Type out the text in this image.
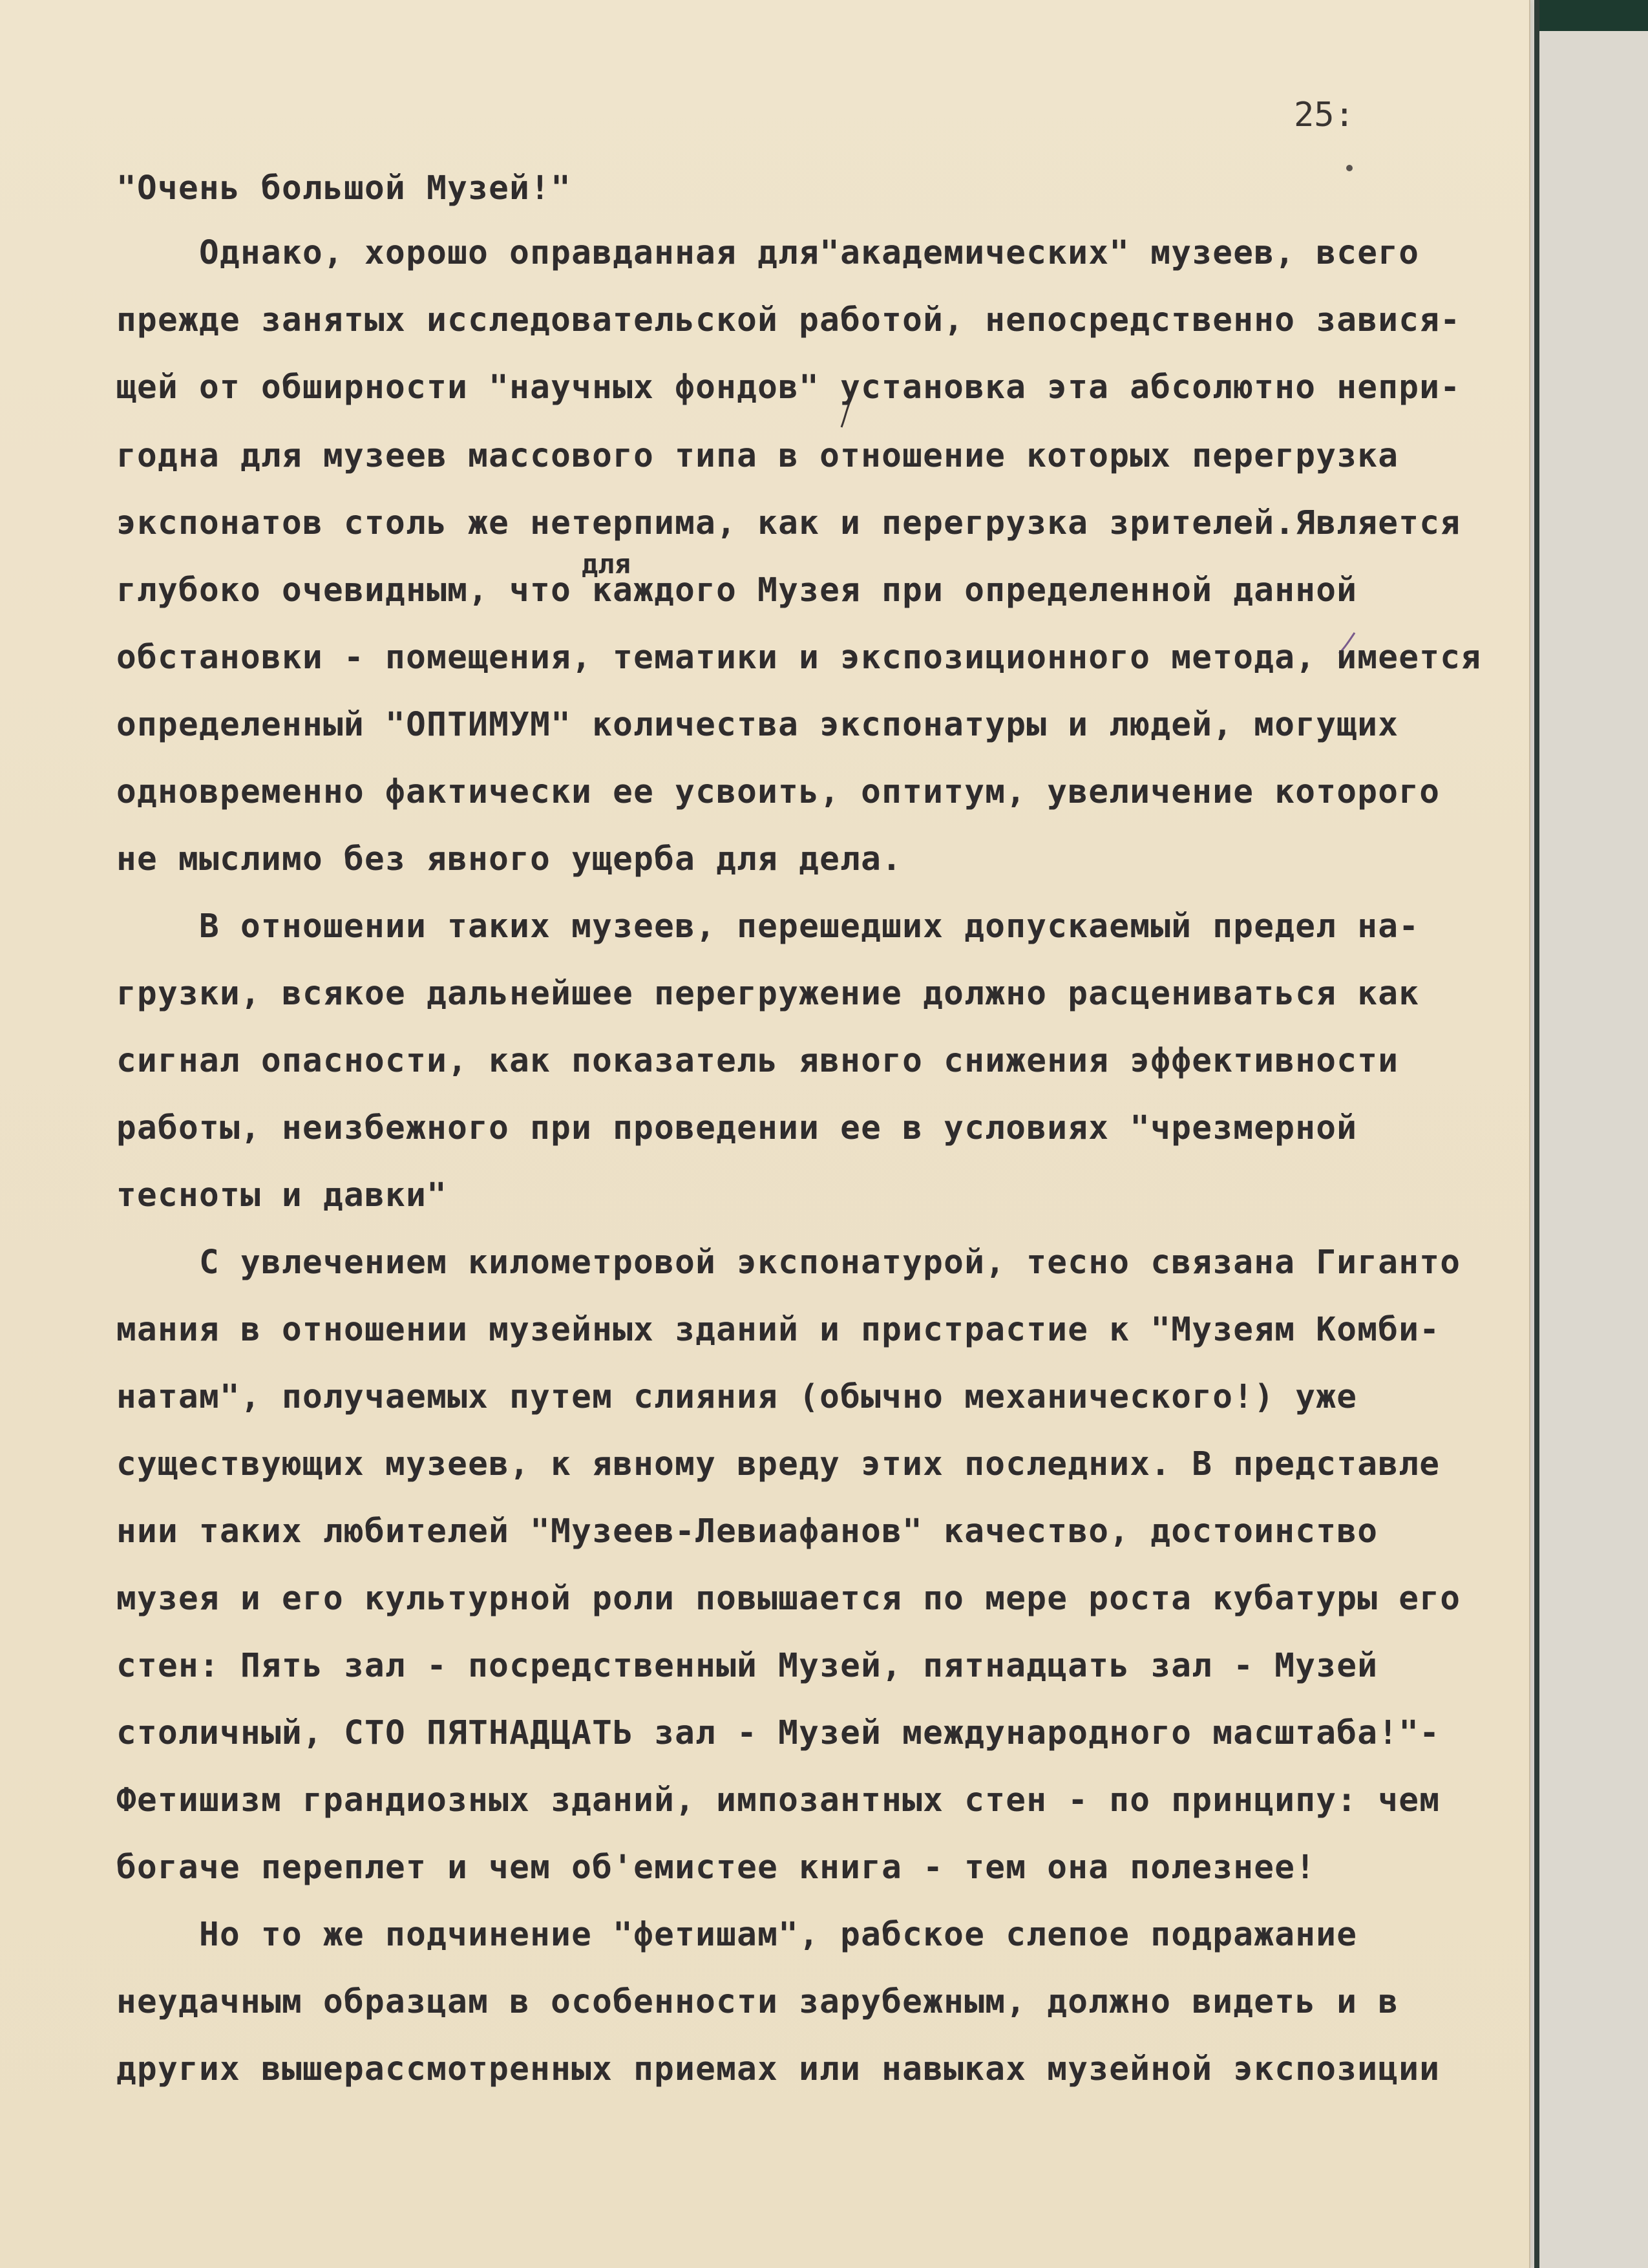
25:
для
"Очень большой Музей!"
Однако, хорошо оправданная для"академических" музеев, всего
прежде занятых исследовательской работой, непосредственно завися-
щей от обширности "научных фондов" установка эта абсолютно непри-
годна для музеев массового типа в отношение которых перегрузка
экспонатов столь же нетерпима, как и перегрузка зрителей.Является
глубоко очевидным, что каждого Музея при определенной данной
обстановки - помещения, тематики и экспозиционного метода, имеется
определенный "ОПТИМУМ" количества экспонатуры и людей, могущих
одновременно фактически ее усвоить, оптитум, увеличение которого
не мыслимо без явного ущерба для дела.
В отношении таких музеев, перешедших допускаемый предел на-
грузки, всякое дальнейшее перегружение должно расцениваться как
сигнал опасности, как показатель явного снижения эффективности
работы, неизбежного при проведении ее в условиях "чрезмерной
тесноты и давки"
С увлечением километровой экспонатурой, тесно связана Гиганто
мания в отношении музейных зданий и пристрастие к "Музеям Комби-
натам", получаемых путем слияния (обычно механического!) уже
существующих музеев, к явному вреду этих последних. В представле
нии таких любителей "Музеев-Левиафанов" качество, достоинство
музея и его культурной роли повышается по мере роста кубатуры его
стен: Пять зал - посредственный Музей, пятнадцать зал - Музей
столичный, СТО ПЯТНАДЦАТЬ зал - Музей международного масштаба!"-
Фетишизм грандиозных зданий, импозантных стен - по принципу: чем
богаче переплет и чем об'емистее книга - тем она полезнее!
Но то же подчинение "фетишам", рабское слепое подражание
неудачным образцам в особенности зарубежным, должно видеть и в
других вышерассмотренных приемах или навыках музейной экспозиции
